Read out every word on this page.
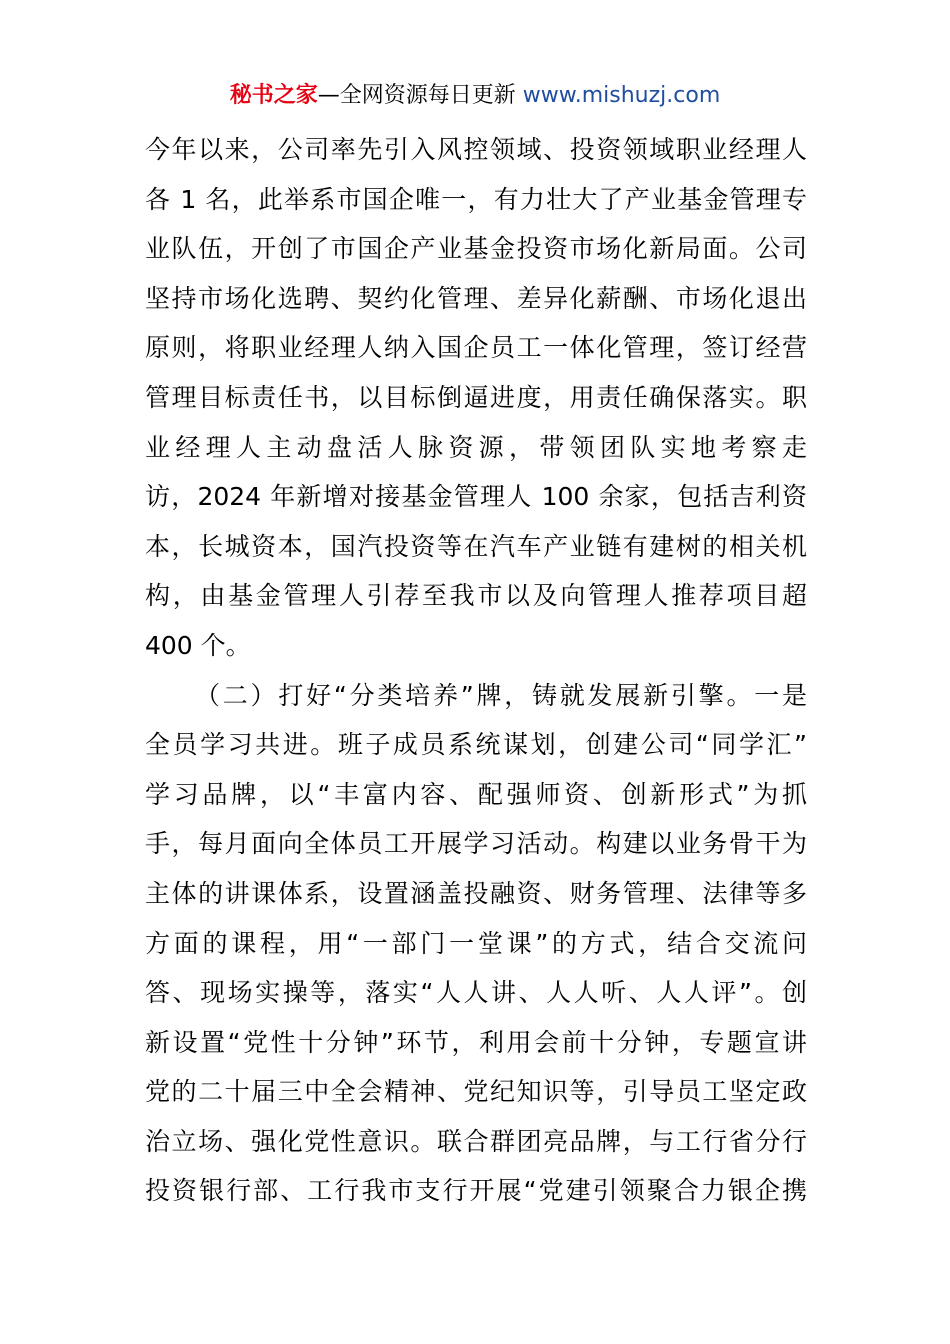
秘书之家—全网资源每日更新 www.mishuzj.com
今年以来，公司率先引入风控领域、投资领域职业经理人
各 1 名，此举系市国企唯一，有力壮大了产业基金管理专
业队伍，开创了市国企产业基金投资市场化新局面。公司
坚持市场化选聘、契约化管理、差异化薪酬、市场化退出
原则，将职业经理人纳入国企员工一体化管理，签订经营
管理目标责任书，以目标倒逼进度，用责任确保落实。职
业经理人主动盘活人脉资源，带领团队实地考察走
访，2024 年新增对接基金管理人 100 余家，包括吉利资
本，长城资本，国汽投资等在汽车产业链有建树的相关机
构，由基金管理人引荐至我市以及向管理人推荐项目超
400 个。
（二）打好“分类培养”牌，铸就发展新引擎。一是
全员学习共进。班子成员系统谋划，创建公司“同学汇”
学习品牌，以“丰富内容、配强师资、创新形式”为抓
手，每月面向全体员工开展学习活动。构建以业务骨干为
主体的讲课体系，设置涵盖投融资、财务管理、法律等多
方面的课程，用“一部门一堂课”的方式，结合交流问
答、现场实操等，落实“人人讲、人人听、人人评”。创
新设置“党性十分钟”环节，利用会前十分钟，专题宣讲
党的二十届三中全会精神、党纪知识等，引导员工坚定政
治立场、强化党性意识。联合群团亮品牌，与工行省分行
投资银行部、工行我市支行开展“党建引领聚合力银企携
